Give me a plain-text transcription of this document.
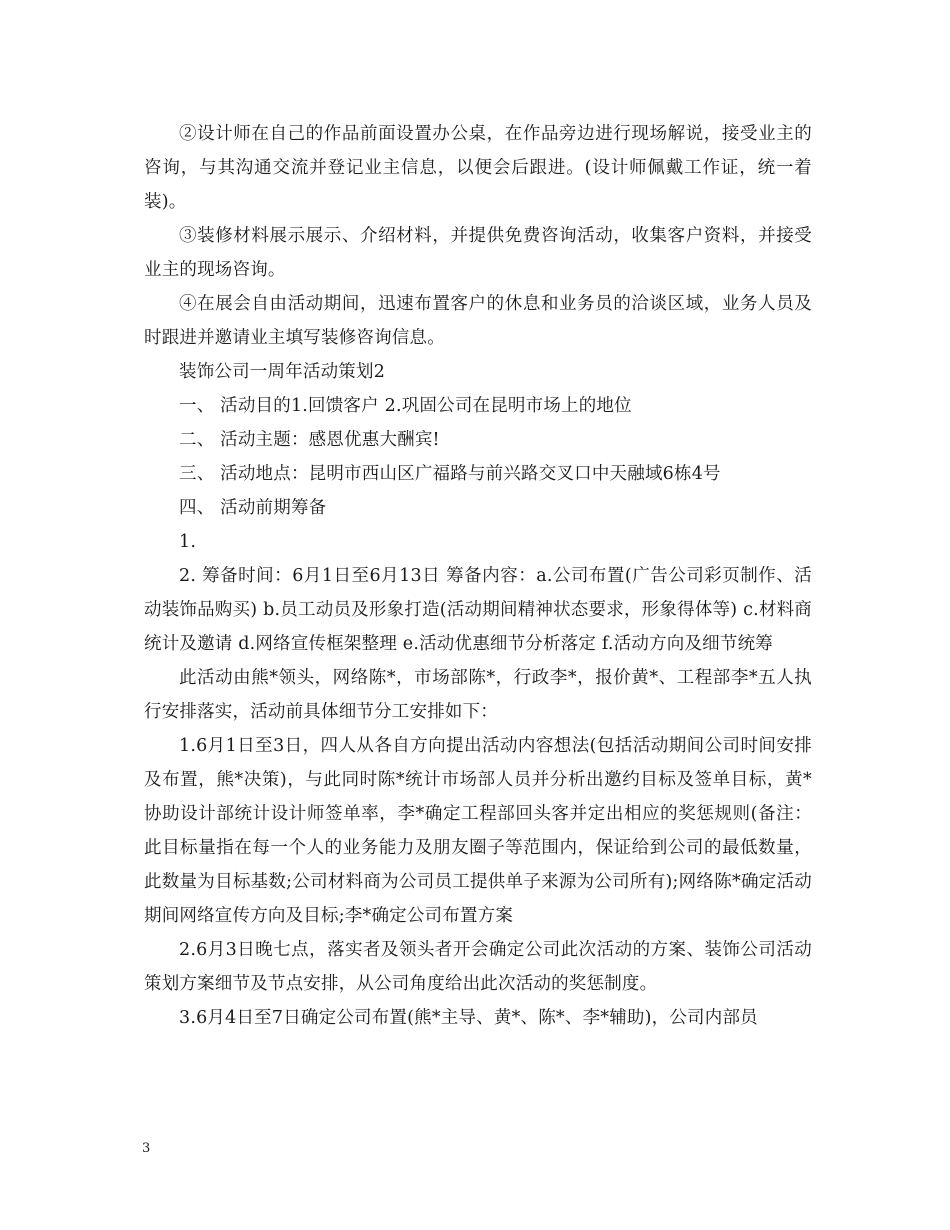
②设计师在自己的作品前面设置办公桌，在作品旁边进行现场解说，接受业主的咨询，与其沟通交流并登记业主信息，以便会后跟进。(设计师佩戴工作证，统一着装)。

③装修材料展示展示、介绍材料，并提供免费咨询活动，收集客户资料，并接受业主的现场咨询。

④在展会自由活动期间，迅速布置客户的休息和业务员的洽谈区域，业务人员及时跟进并邀请业主填写装修咨询信息。

装饰公司一周年活动策划2

一、 活动目的1.回馈客户 2.巩固公司在昆明市场上的地位

二、 活动主题：感恩优惠大酬宾!

三、 活动地点：昆明市西山区广福路与前兴路交叉口中天融域6栋4号

四、 活动前期筹备

1.

2. 筹备时间：6月1日至6月13日 筹备内容：a.公司布置(广告公司彩页制作、活动装饰品购买) b.员工动员及形象打造(活动期间精神状态要求，形象得体等) c.材料商统计及邀请 d.网络宣传框架整理 e.活动优惠细节分析落定 f.活动方向及细节统筹

此活动由熊*领头，网络陈*，市场部陈*，行政李*，报价黄*、工程部李*五人执行安排落实，活动前具体细节分工安排如下：

1.6月1日至3日，四人从各自方向提出活动内容想法(包括活动期间公司时间安排及布置，熊*决策)，与此同时陈*统计市场部人员并分析出邀约目标及签单目标，黄*协助设计部统计设计师签单率，李*确定工程部回头客并定出相应的奖惩规则(备注：此目标量指在每一个人的业务能力及朋友圈子等范围内，保证给到公司的最低数量，此数量为目标基数;公司材料商为公司员工提供单子来源为公司所有);网络陈*确定活动期间网络宣传方向及目标;李*确定公司布置方案

2.6月3日晚七点，落实者及领头者开会确定公司此次活动的方案、装饰公司活动策划方案细节及节点安排，从公司角度给出此次活动的奖惩制度。

3.6月4日至7日确定公司布置(熊*主导、黄*、陈*、李*辅助)，公司内部员

3
